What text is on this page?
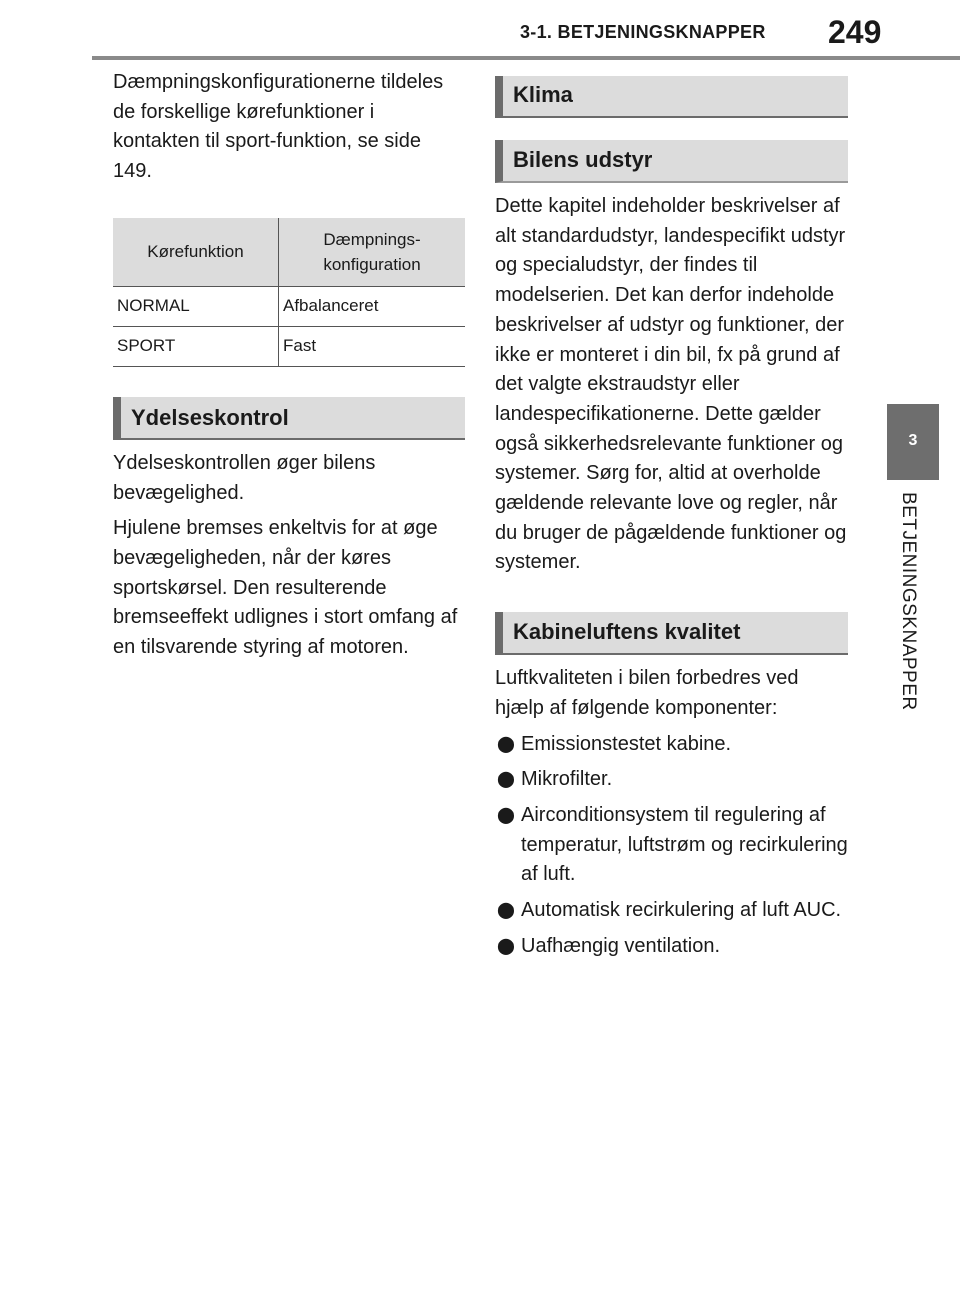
3-1. BETJENINGSKNAPPER 249
3
BETJENINGSKNAPPER

Dæmpningskonfigurationerne tildeles de forskellige kørefunktioner i kontakten til sport-funktion, se side 149.

Kørefunktion	Dæmpnings-konfiguration
NORMAL	Afbalanceret
SPORT	Fast
Ydelseskontrol

Ydelseskontrollen øger bilens bevægelighed.

Hjulene bremses enkeltvis for at øge bevægeligheden, når der køres sportskørsel. Den resulterende bremseeffekt udlignes i stort omfang af en tilsvarende styring af motoren.

Klima
Bilens udstyr

Dette kapitel indeholder beskrivelser af alt standardudstyr, landespecifikt udstyr og specialudstyr, der findes til modelserien. Det kan derfor indeholde beskrivelser af udstyr og funktioner, der ikke er monteret i din bil, fx på grund af det valgte ekstraudstyr eller landespecifikationerne. Dette gælder også sikkerhedsrelevante funktioner og systemer. Sørg for, altid at overholde gældende relevante love og regler, når du bruger de pågældende funktioner og systemer.

Kabineluftens kvalitet

Luftkvaliteten i bilen forbedres ved hjælp af følgende komponenter:

⬤ Emissionstestet kabine.
⬤ Mikrofilter.
⬤ Airconditionsystem til regulering af temperatur, luftstrøm og recirkulering af luft.
⬤ Automatisk recirkulering af luft AUC.
⬤ Uafhængig ventilation.
